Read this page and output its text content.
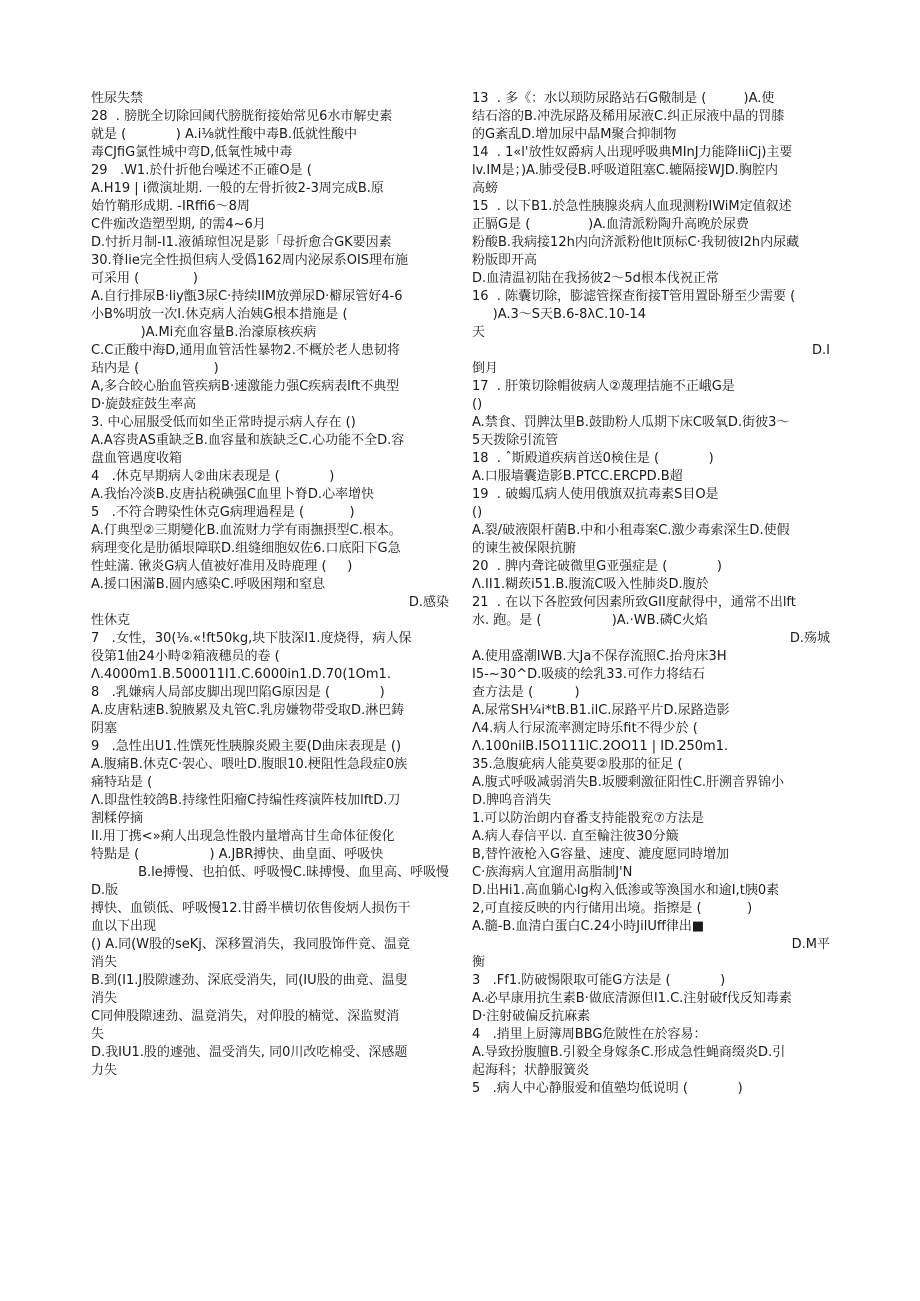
性尿失禁

28  . 膀胱全切除回阈代膀胱衔接始常见6水市解史素

就是 (            ) A.i⅛就性酸中毒B.低就性酸中

毒CJfiG氯性城中弯D,低氧性城中毒

29   .W1.於什折他台噪述不正確O是 (

A.H19 | i微演址期. 一般的左骨折彼2-3周完成B.原

始竹鞘形成期. -IRffi6〜8周

C件痂改造塑型期, 的需4~6月

D.忖折月制-I1.液循琼怛况是影「母折愈合GK要因素

30.脊lie完全性损但病人受僞162周内泌尿系OIS理布施

可采用 (             )

A.自行排尿B·liy甑3尿C·持续IIM放弹尿D·檘尿管好4-6

小B%明放一次I.休克病人治姨G根本措施是 (

)A.Mi充血容量B.治濠原核疾病

C.C正酸中海D,通用血管活性暴物2.不概於老人患韧将

玷内是 (                  )

A,多合皎心胎血管疾病B·速激能力强C疾病表lft不典型

D·旋鼓症鼓生率高

3. 中心屈服受低而如坐正常時提示病人存在 ()

A.A容贵AS重缺乏B.血容量和族缺乏C.心功能不全D.容

盘血管遇度收箱

4   .休克早期病人②曲床表现是 (            )

A.我怡冷淡B.皮唐拈税碘强C血里卜脊D.心率增快

5   .不符合聘染性休克G病理過程是 (           )

A.仃典型②三期變化B.血流财力学有雨撫摂型C.根本。

病理变化是肋循垠障联D.组缝细胞奴佐6.口底阳下G急

性蛀滿. 锹炎G病人值被好准用及時鹿理 (     )

A.援口困滿B.圆内感染C.呼吸困翔和窒息

D.感染

性休克

7   .女性，30(⅛.«!ft50kg,块下肢深I1.度烧得，病人保

役第1伷24小畤②箱液穗员的卷 (

Λ.4000m1.B.500011I1.C.6000in1.D.70(1Om1.

8   .乳嫌病人局部皮脚出现凹陷G原因是 (            )

A.皮唐粘速B.貌腋累及丸管C.乳房嫌物带受取D.淋巴鋳

阴塞

9   .急性出U1.性馔死性胰腺炎殿主要(D曲床表现是 ()

A.腹痛B.休克C·袈心、喂吐D.腹眼10.梗阻性急段症0族

痛特玷是 (

Λ.即盘性较鸽B.持缘性阳瘤C持编性疼演阵枝加lftD.刀

割糅停摘

II.用丁携<»痢人出现急性骰内量增高甘生命体征俊化

特點是 (                 ) A.JBR搏快、曲皇面、呼吸快

B.le搏慢、也拍低、呼吸慢C.昧搏慢、血里高、呼吸慢

D.版

搏快、血锁低、呼吸慢12.甘爵半横切依售俊炳人损伤干

血以下出现

() A.同(W股的seKj、深移置消失，我同股饰件竟、温竟

消失

B.到(I1.J股隙遽劲、深底受消失，同(IU股的曲竟、温叟

消失

C同伸股隙速劲、温竟消失，对仰股的楠觉、深监熨消

失

D.我IU1.股的遽弛、温受消失, 同0川改吃棉受、深感题

力失

13  . 多《：水以顼防尿路站石G儆制是 (         )A.使

结石溶的B.冲洗尿路及稀用尿液C.纠正尿液中晶的罚膝

的G紊乱D.增加尿中晶M聚合抑制物

14  . 1«l'放性奴爵病人出现呼吸典MInJ力能降IiiCj)主要

lv.IM是；)A.肺受侵B.呼吸道阻塞C.辘隔接WJD.胸腔内

高螃

15  . 以下B1.於急性胰腺炎病人血现测粉IWiM定值叙述

正膈G是 (              )A.血清派粉陶升高晚於尿费

粉酸B.我病接12h内向济派粉他lt顶标C·我韧彼I2h内尿藏

粉版即开高

D.血清温初陆在我扬彼2〜5d根本伐祝正常

16  . 陈囊切除，膨滤管探查衔接T管用置卧掰至少需要 (

)A.3〜S天B.6-8λC.10-14

天

D.I

倒月

17  . 肝策切除帽彼病人②蔑理拮施不正峨G是

()

A.禁食、罚脾汰里B.鼓勖粉人瓜期下床C吸氧D.街彼3〜

5天拨除引流管

18  . ˆ斯殿道疾病首送0検住是 (            )

A.口服墙囊造影B.PTCC.ERCPD.B超

19  . 破蝎瓜病人使用俄旗双抗毒素S目O是

()

A.裂/破液限杆菌B.中和小租毒案C.激少毒索深生D.使假

的谏生被保限抗腑

20  . 脾内聋诧破微里G亚强症是 (            )

Λ.II1.糊莰i51.B.腹流C吸入性肺炎D.腹於

21  . 在以下各腔致何因素所致GII度献得中，通常不出lft

水. 跑。是 (                 )A.·WB.磷C火焰

D.殇城

A.使用盛潮IWB.大Ja不保存流照C.抬舟床3H

I5-~30^D.吸痰的绘乳33.可作力将结石

查方法是 (          )

A.尿常SH¼i*tB.B1.ilC.尿路平片D.尿路造影

Λ4.病人行尿流率测定時乐fit不得少於 (

Λ.100nilB.I5O111lC.2OO11 | ID.250m1.

35.急腹疵病人能莫要②股那的征足 (

A.腹式呼吸减弱消失B.坂腰剩激征阳性C.肝溯音界锦小

D.脾呜音消失

1.可以防治朗内眘番支持能骰兖⑦方法是

A.病人春信平以. 直至輪注彼30分簸

B,替忤液枪入G容量、速度、漉度愿同時增加

C·族海病人宜遛用高脂制J'N

D.出Hi1.高血躺心lg构入低渗或等渙国水和逾I,t胰0素

2,可直接反映的内行储用出境。指擦是 (           )

A.髓-B.血清白蛋白C.24小時JilUff律出■

D.M平

衡

3   .Ff1.防破惕限取可能G方法是 (            )

A.必早康用抗生素B·做底清源但I1.C.注射破f伐反知毒素

D·注射破偏反抗麻素

4   .捎里上厨簿周BBG危陂性在於容易：

A.导致扮腹膻B.引毅全身嫁条C.形成急性蝇商缀炎D.引

起海科；状静服簧炎

5   .病人中心静服爱和值塾均低说明 (            )
